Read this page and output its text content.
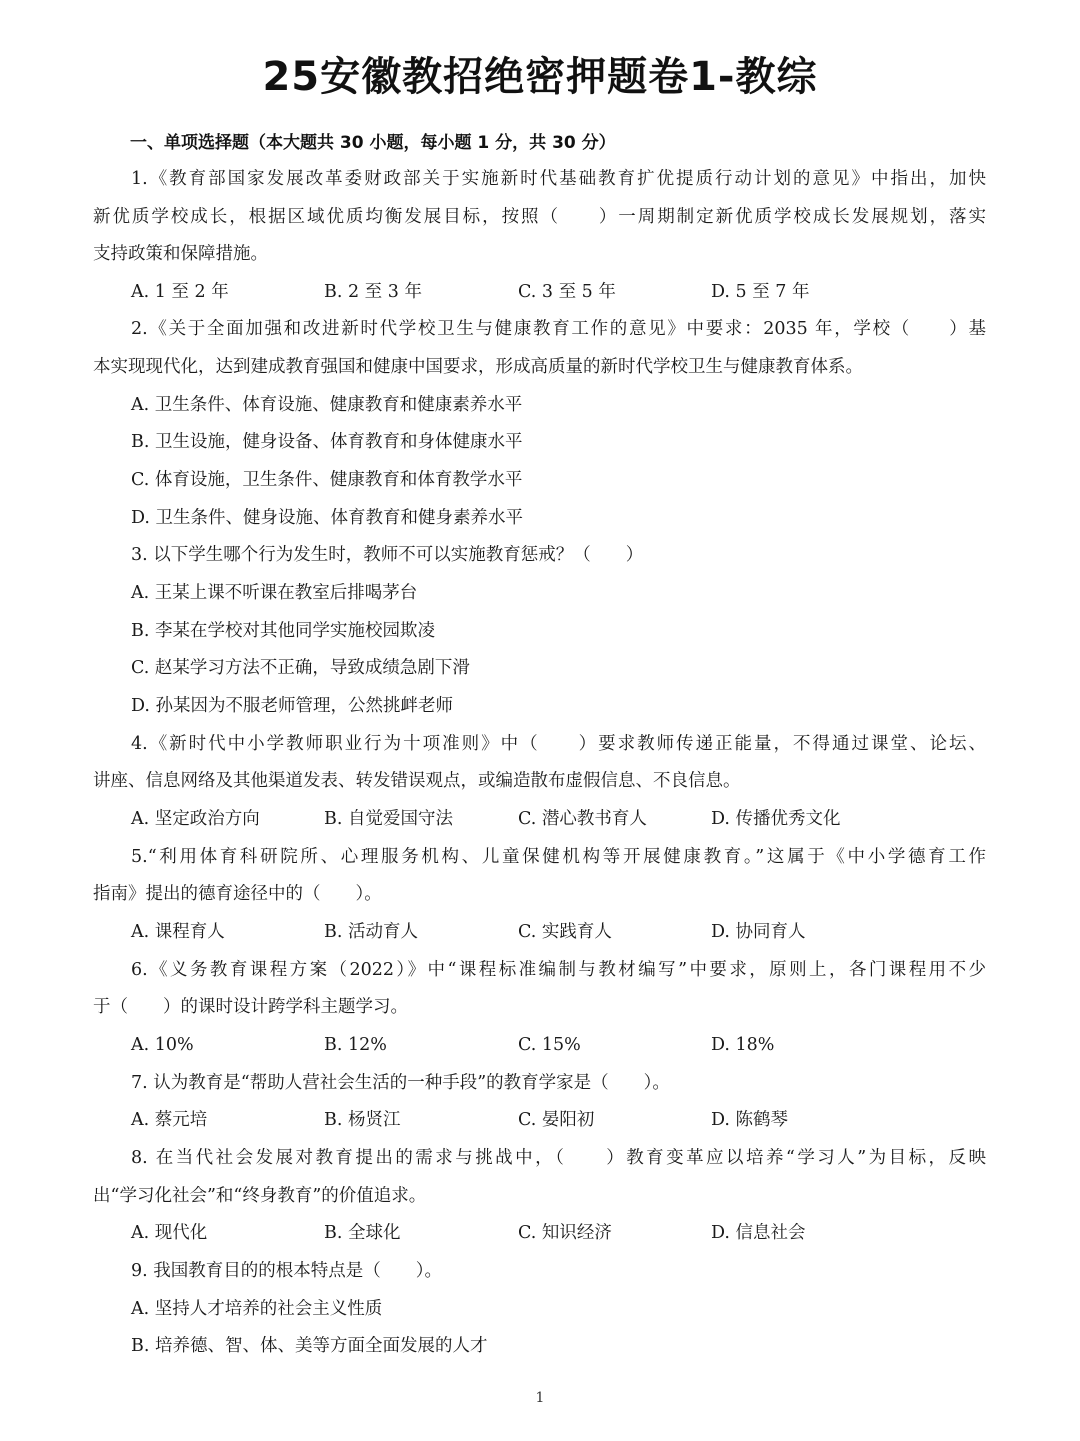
25安徽教招绝密押题卷1-教综
一、单项选择题（本大题共 30 小题，每小题 1 分，共 30 分）
1.《教育部国家发展改革委财政部关于实施新时代基础教育扩优提质行动计划的意见》中指出，加快
新优质学校成长，根据区域优质均衡发展目标，按照（　　）一周期制定新优质学校成长发展规划，落实
支持政策和保障措施。
A. 1 至 2 年	B. 2 至 3 年	C. 3 至 5 年	D. 5 至 7 年
2.《关于全面加强和改进新时代学校卫生与健康教育工作的意见》中要求：2035 年，学校（　　）基
本实现现代化，达到建成教育强国和健康中国要求，形成高质量的新时代学校卫生与健康教育体系。
A. 卫生条件、体育设施、健康教育和健康素养水平
B. 卫生设施，健身设备、体育教育和身体健康水平
C. 体育设施，卫生条件、健康教育和体育教学水平
D. 卫生条件、健身设施、体育教育和健身素养水平
3. 以下学生哪个行为发生时，教师不可以实施教育惩戒？（　　）
A. 王某上课不听课在教室后排喝茅台
B. 李某在学校对其他同学实施校园欺凌
C. 赵某学习方法不正确，导致成绩急剧下滑
D. 孙某因为不服老师管理，公然挑衅老师
4.《新时代中小学教师职业行为十项准则》中（　　）要求教师传递正能量，不得通过课堂、论坛、
讲座、信息网络及其他渠道发表、转发错误观点，或编造散布虚假信息、不良信息。
A. 坚定政治方向	B. 自觉爱国守法	C. 潜心教书育人	D. 传播优秀文化
5.“利用体育科研院所、心理服务机构、儿童保健机构等开展健康教育。”这属于《中小学德育工作
指南》提出的德育途径中的（　　）。
A. 课程育人	B. 活动育人	C. 实践育人	D. 协同育人
6.《义务教育课程方案（2022）》中“课程标准编制与教材编写”中要求，原则上，各门课程用不少
于（　　）的课时设计跨学科主题学习。
A. 10%	B. 12%	C. 15%	D. 18%
7. 认为教育是“帮助人营社会生活的一种手段”的教育学家是（　　）。
A. 蔡元培	B. 杨贤江	C. 晏阳初	D. 陈鹤琴
8. 在当代社会发展对教育提出的需求与挑战中，（　　）教育变革应以培养“学习人”为目标，反映
出“学习化社会”和“终身教育”的价值追求。
A. 现代化	B. 全球化	C. 知识经济	D. 信息社会
9. 我国教育目的的根本特点是（　　）。
A. 坚持人才培养的社会主义性质
B. 培养德、智、体、美等方面全面发展的人才
1
